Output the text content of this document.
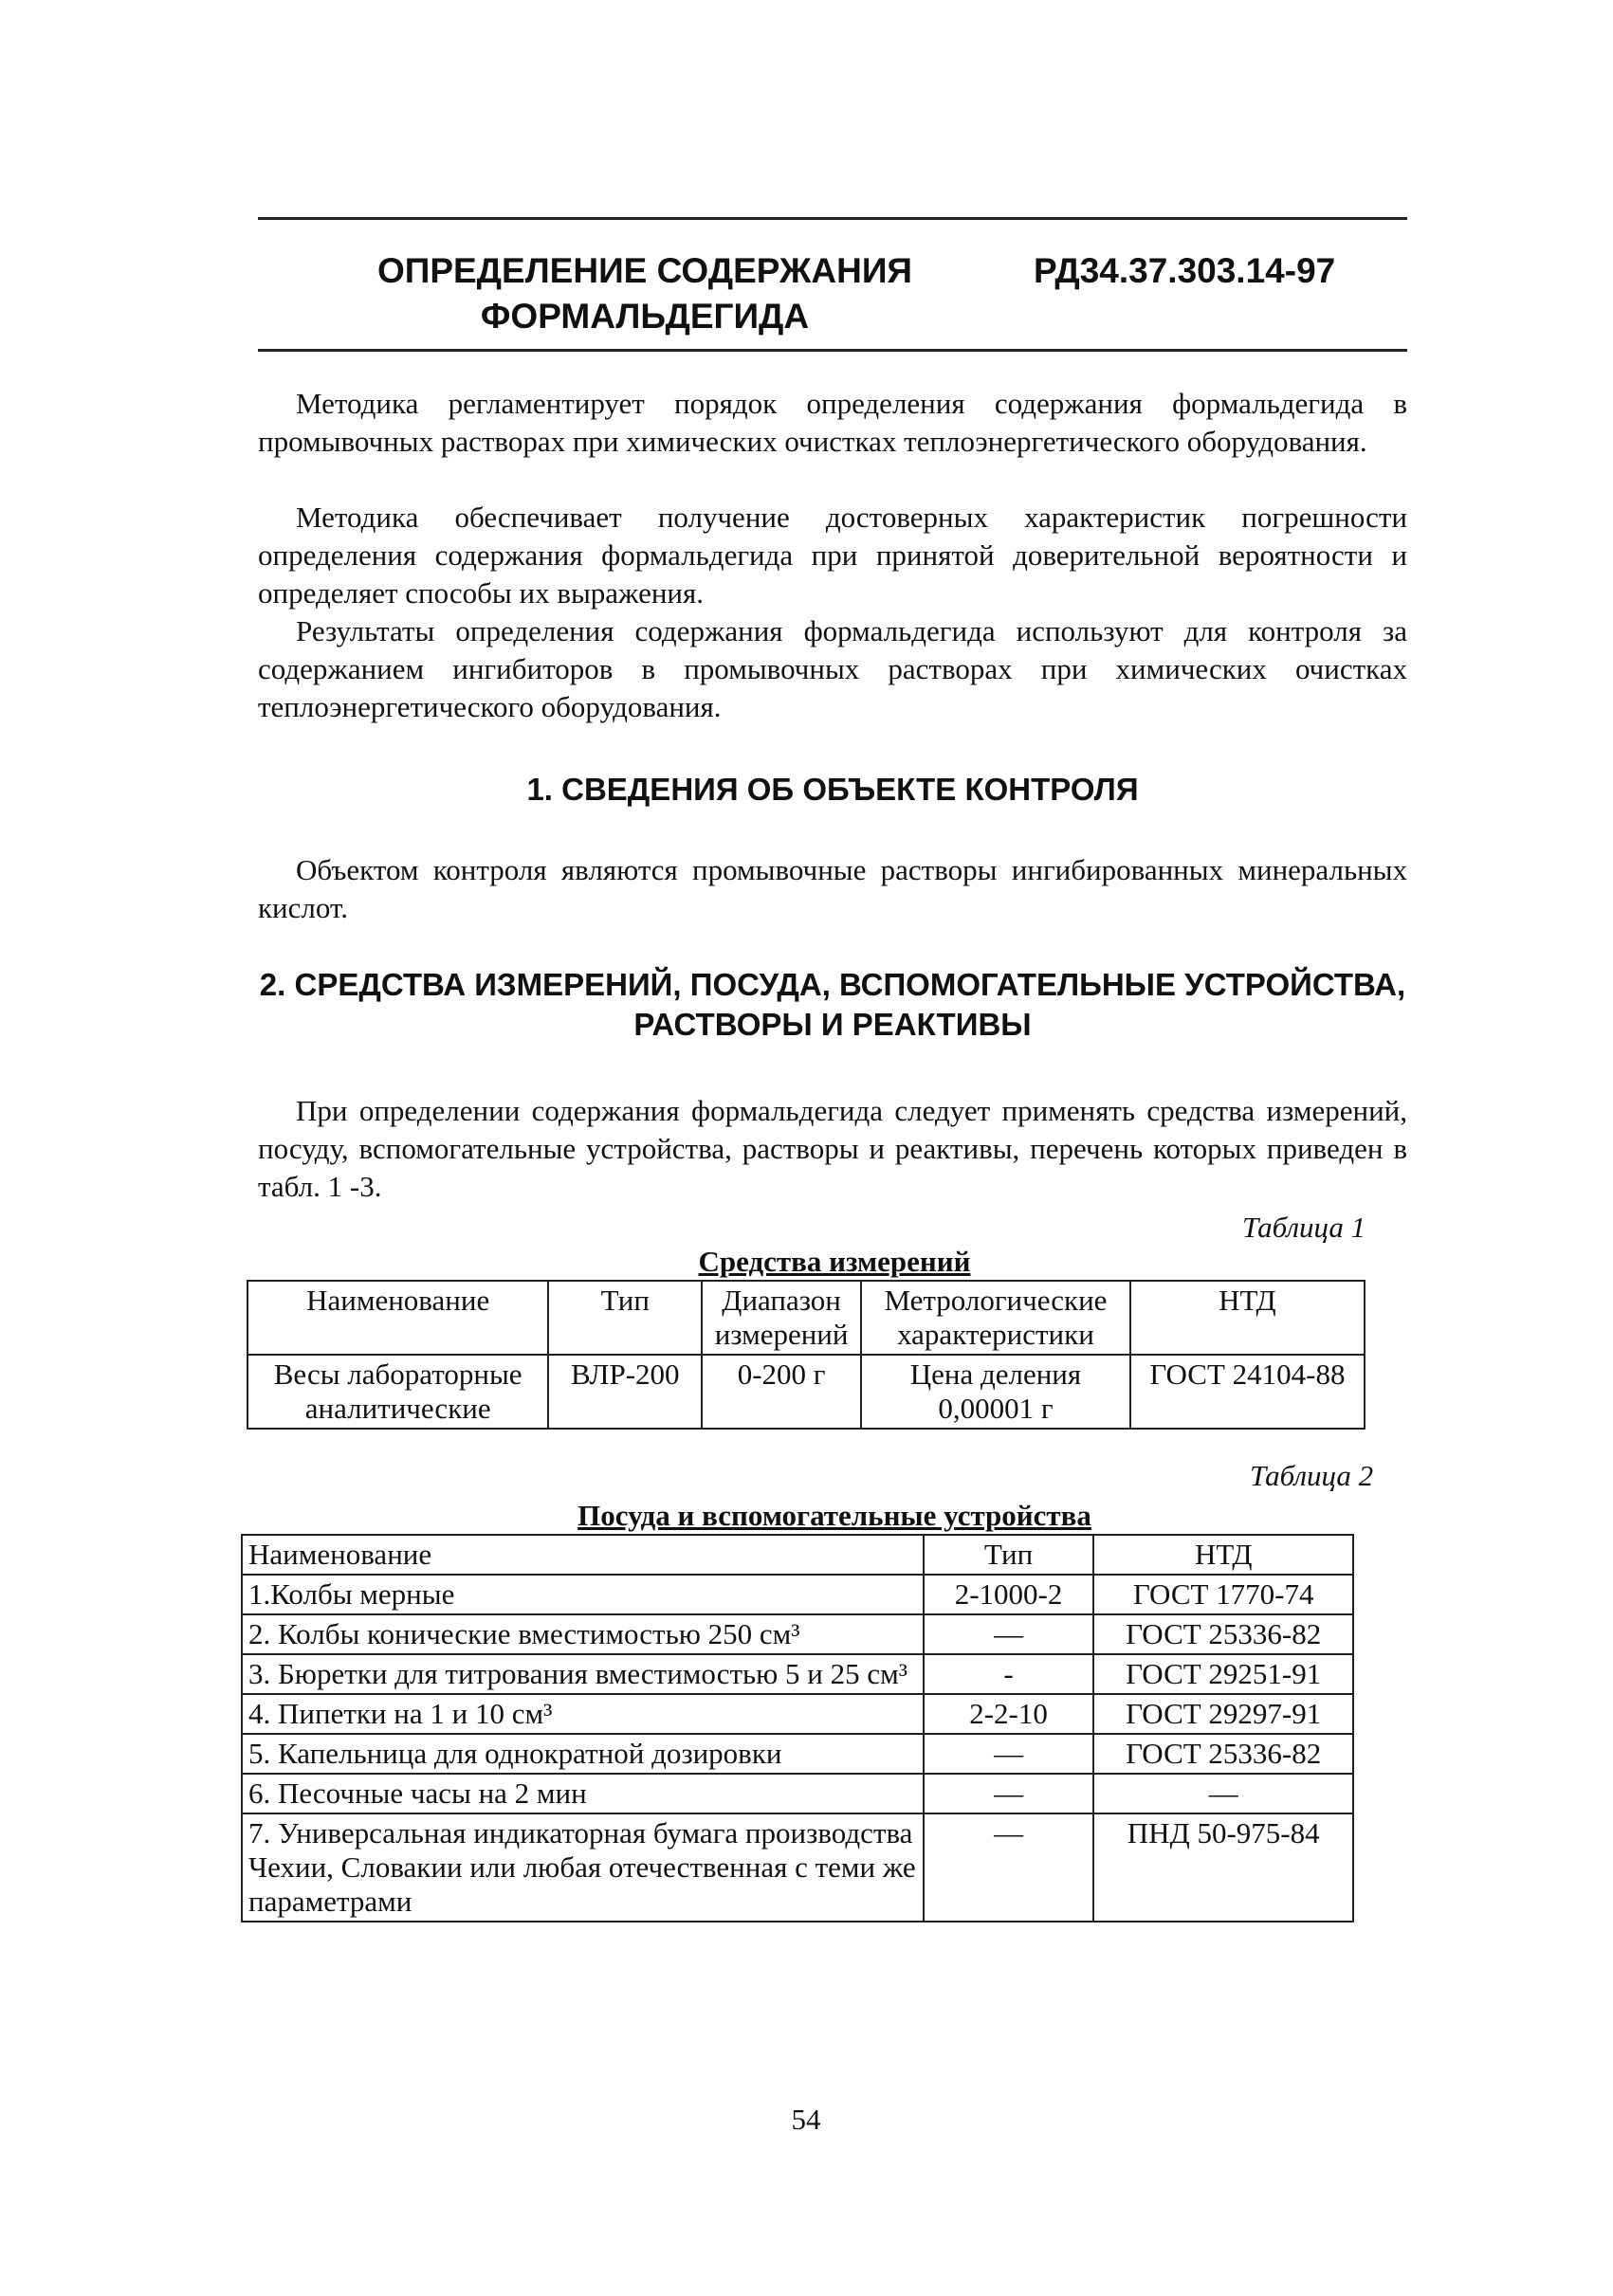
ОПРЕДЕЛЕНИЕ СОДЕРЖАНИЯ
ФОРМАЛЬДЕГИДА
РД34.37.303.14-97

Методика регламентирует порядок определения содержания формальдегида в промывочных растворах при химических очистках теплоэнергетического оборудования.

Методика обеспечивает получение достоверных характеристик погрешности определения содержания формальдегида при принятой доверительной вероятности и определяет способы их выражения.

Результаты определения содержания формальдегида используют для контроля за содержанием ингибиторов в промывочных растворах при химических очистках теплоэнергетического оборудования.

1. СВЕДЕНИЯ ОБ ОБЪЕКТЕ КОНТРОЛЯ

Объектом контроля являются промывочные растворы ингибированных минеральных кислот.

2. СРЕДСТВА ИЗМЕРЕНИЙ, ПОСУДА, ВСПОМОГАТЕЛЬНЫЕ УСТРОЙСТВА,
РАСТВОРЫ И РЕАКТИВЫ

При определении содержания формальдегида следует применять средства измерений, посуду, вспомогательные устройства, растворы и реактивы, перечень которых приведен в табл. 1 -3.

Таблица 1
Средства измерений
Наименование	Тип	Диапазон измерений	Метрологические характеристики	НТД
Весы лабораторные аналитические	ВЛР-200	0-200 г	Цена деления 0,00001 г	ГОСТ 24104-88
Таблица 2
Посуда и вспомогательные устройства
Наименование	Тип	НТД
1.Колбы мерные	2-1000-2	ГОСТ 1770-74
2. Колбы конические вместимостью 250 см³	—	ГОСТ 25336-82
3. Бюретки для титрования вместимостью 5 и 25 см³	-	ГОСТ 29251-91
4. Пипетки на 1 и 10 см³	2-2-10	ГОСТ 29297-91
5. Капельница для однократной дозировки	—	ГОСТ 25336-82
6. Песочные часы на 2 мин	—	—
7. Универсальная индикаторная бумага производства Чехии, Словакии или любая отечественная с теми же параметрами	—	ПНД 50-975-84
54
